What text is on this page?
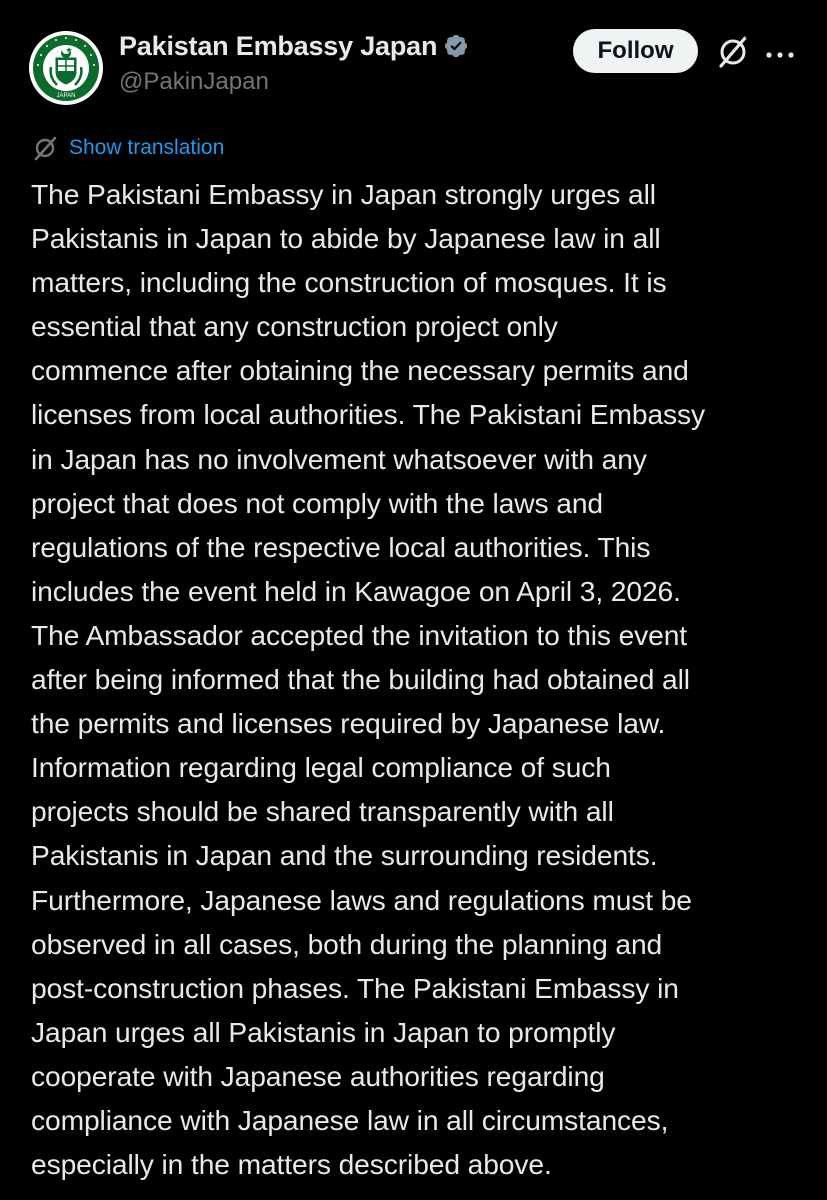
JAPAN
Pakistan Embassy Japan
@PakinJapan
Follow
Show translation
The Pakistani Embassy in Japan strongly urges all
Pakistanis in Japan to abide by Japanese law in all
matters, including the construction of mosques. It is
essential that any construction project only
commence after obtaining the necessary permits and
licenses from local authorities. The Pakistani Embassy
in Japan has no involvement whatsoever with any
project that does not comply with the laws and
regulations of the respective local authorities. This
includes the event held in Kawagoe on April 3, 2026.
The Ambassador accepted the invitation to this event
after being informed that the building had obtained all
the permits and licenses required by Japanese law.
Information regarding legal compliance of such
projects should be shared transparently with all
Pakistanis in Japan and the surrounding residents.
Furthermore, Japanese laws and regulations must be
observed in all cases, both during the planning and
post-construction phases. The Pakistani Embassy in
Japan urges all Pakistanis in Japan to promptly
cooperate with Japanese authorities regarding
compliance with Japanese law in all circumstances,
especially in the matters described above.
